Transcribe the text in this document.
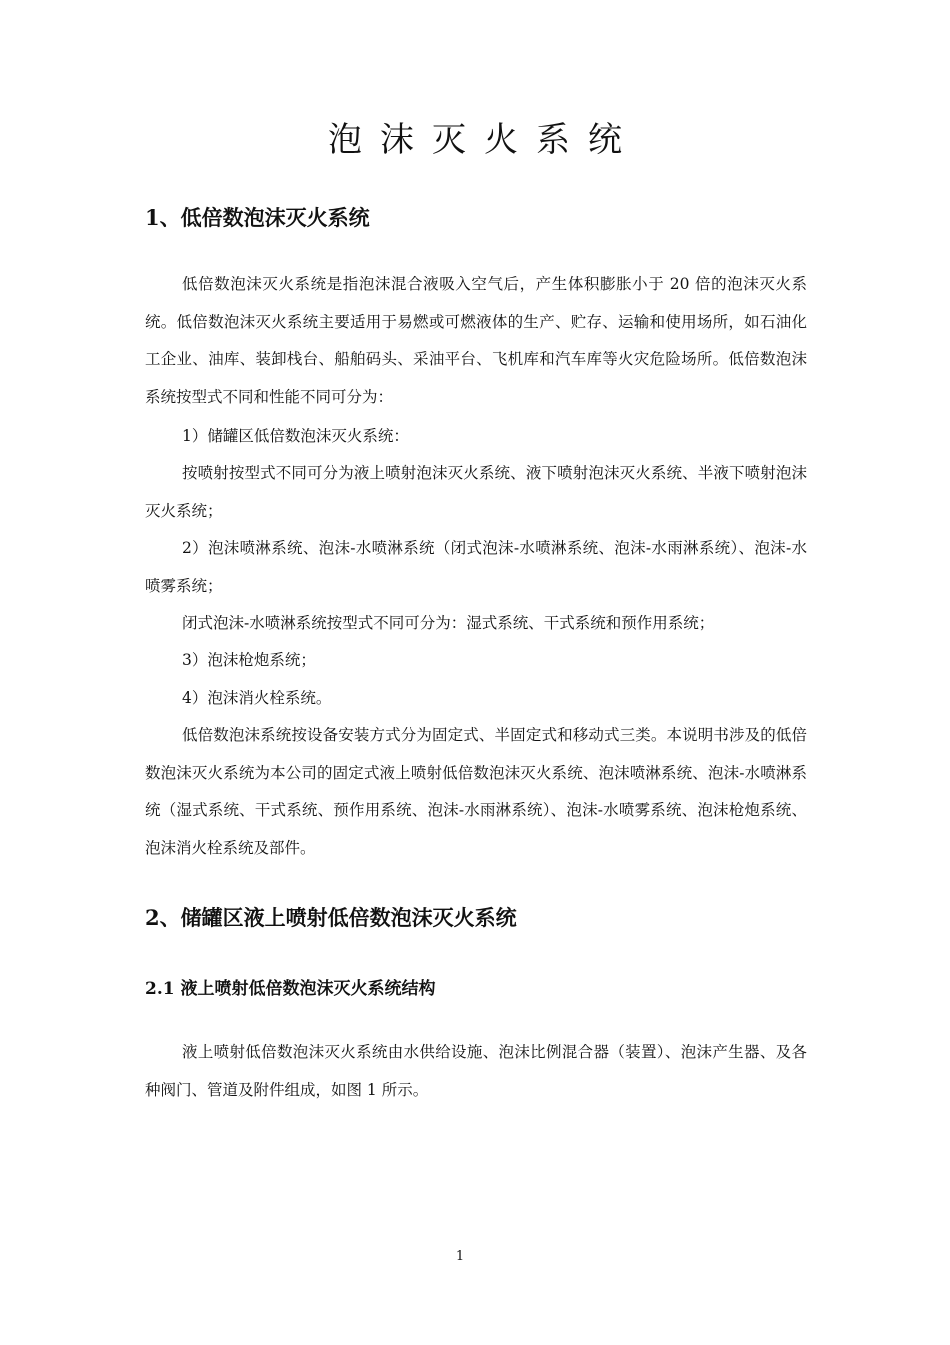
泡沫灭火系统
1、低倍数泡沫灭火系统

低倍数泡沫灭火系统是指泡沫混合液吸入空气后，产生体积膨胀小于 20 倍的泡沫灭火系统。低倍数泡沫灭火系统主要适用于易燃或可燃液体的生产、贮存、运输和使用场所，如石油化工企业、油库、装卸栈台、船舶码头、采油平台、飞机库和汽车库等火灾危险场所。低倍数泡沫系统按型式不同和性能不同可分为：

1）储罐区低倍数泡沫灭火系统：

按喷射按型式不同可分为液上喷射泡沫灭火系统、液下喷射泡沫灭火系统、半液下喷射泡沫灭火系统；

2）泡沫喷淋系统、泡沫-水喷淋系统（闭式泡沫-水喷淋系统、泡沫-水雨淋系统）、泡沫-水喷雾系统；

闭式泡沫-水喷淋系统按型式不同可分为：湿式系统、干式系统和预作用系统；

3）泡沫枪炮系统；

4）泡沫消火栓系统。

低倍数泡沫系统按设备安装方式分为固定式、半固定式和移动式三类。本说明书涉及的低倍数泡沫灭火系统为本公司的固定式液上喷射低倍数泡沫灭火系统、泡沫喷淋系统、泡沫-水喷淋系统（湿式系统、干式系统、预作用系统、泡沫-水雨淋系统）、泡沫-水喷雾系统、泡沫枪炮系统、泡沫消火栓系统及部件。

2、储罐区液上喷射低倍数泡沫灭火系统
2.1 液上喷射低倍数泡沫灭火系统结构

液上喷射低倍数泡沫灭火系统由水供给设施、泡沫比例混合器（装置）、泡沫产生器、及各种阀门、管道及附件组成，如图 1 所示。

1
